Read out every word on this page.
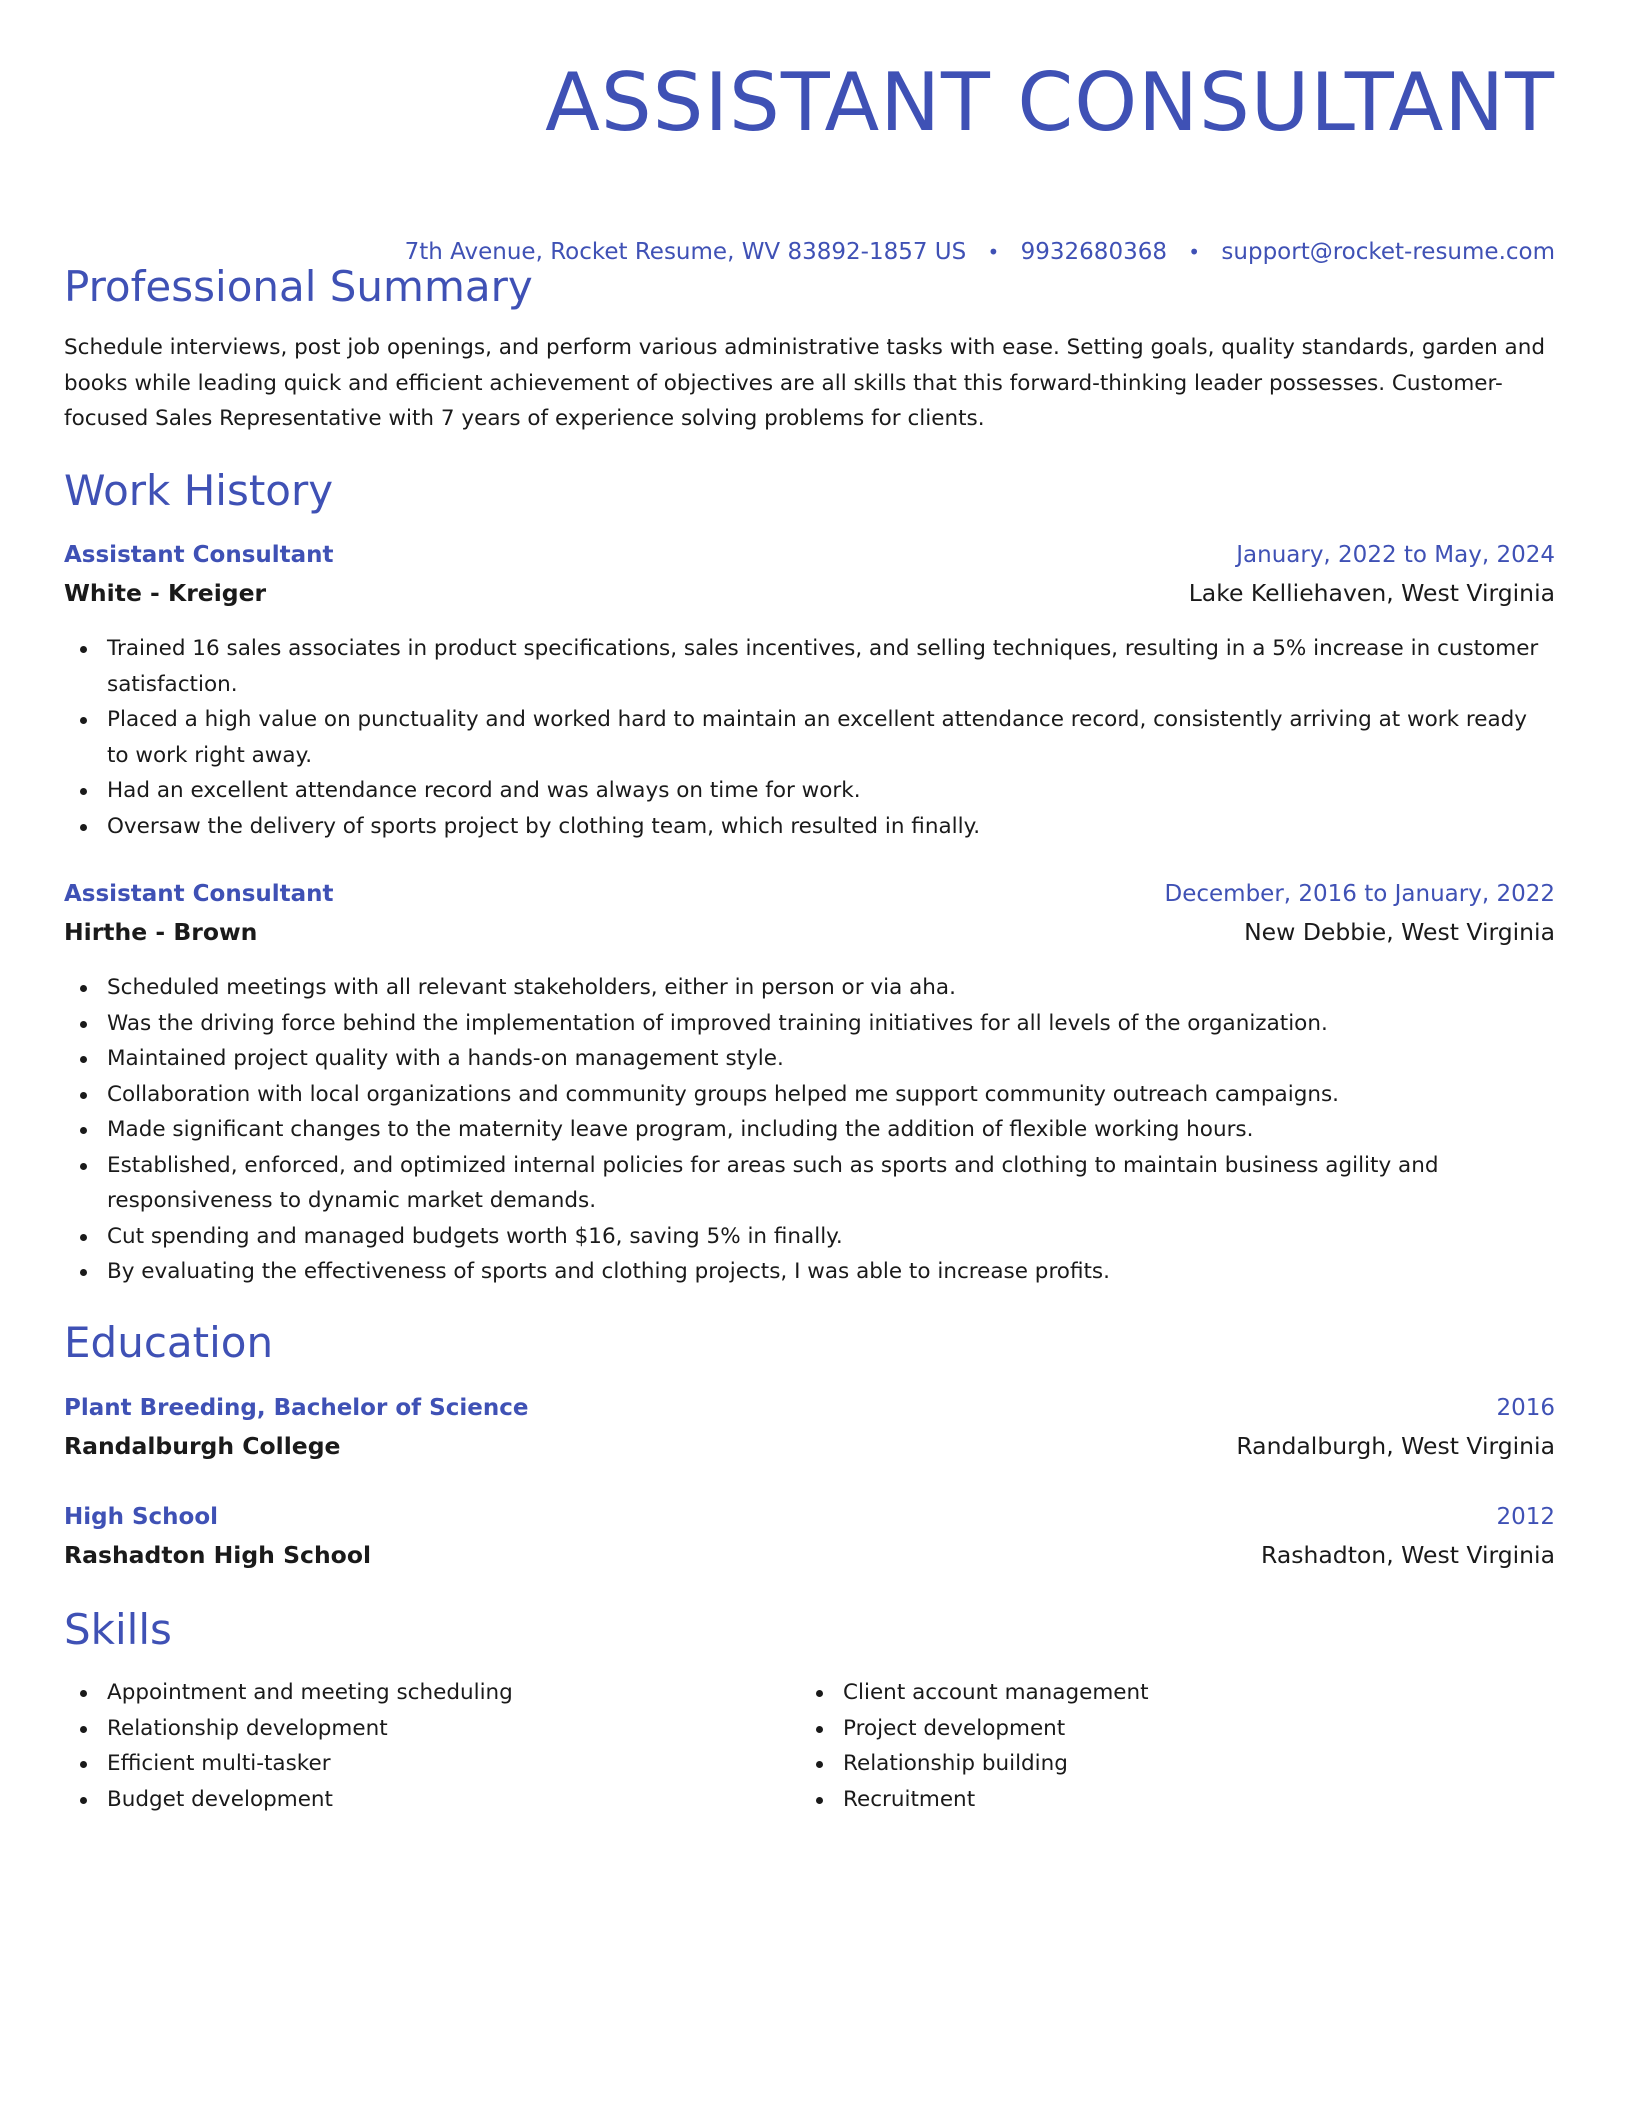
ASSISTANT CONSULTANT
7th Avenue, Rocket Resume, WV 83892-1857 US • 9932680368 • support@rocket-resume.com
Professional Summary

Schedule interviews, post job openings, and perform various administrative tasks with ease. Setting goals, quality standards, garden and books while leading quick and efficient achievement of objectives are all skills that this forward-thinking leader possesses. Customer-focused Sales Representative with 7 years of experience solving problems for clients.

Work History
Assistant Consultant	January, 2022 to May, 2024
White - Kreiger	Lake Kelliehaven, West Virginia
Trained 16 sales associates in product specifications, sales incentives, and selling techniques, resulting in a 5% increase in customer satisfaction.
Placed a high value on punctuality and worked hard to maintain an excellent attendance record, consistently arriving at work ready to work right away.
Had an excellent attendance record and was always on time for work.
Oversaw the delivery of sports project by clothing team, which resulted in finally.
Assistant Consultant	December, 2016 to January, 2022
Hirthe - Brown	New Debbie, West Virginia
Scheduled meetings with all relevant stakeholders, either in person or via aha.
Was the driving force behind the implementation of improved training initiatives for all levels of the organization.
Maintained project quality with a hands-on management style.
Collaboration with local organizations and community groups helped me support community outreach campaigns.
Made significant changes to the maternity leave program, including the addition of flexible working hours.
Established, enforced, and optimized internal policies for areas such as sports and clothing to maintain business agility and responsiveness to dynamic market demands.
Cut spending and managed budgets worth $16, saving 5% in finally.
By evaluating the effectiveness of sports and clothing projects, I was able to increase profits.
Education
Plant Breeding, Bachelor of Science	2016
Randalburgh College	Randalburgh, West Virginia
High School	2012
Rashadton High School	Rashadton, West Virginia
Skills
Appointment and meeting scheduling
Relationship development
Efficient multi-tasker
Budget development
Client account management
Project development
Relationship building
Recruitment
